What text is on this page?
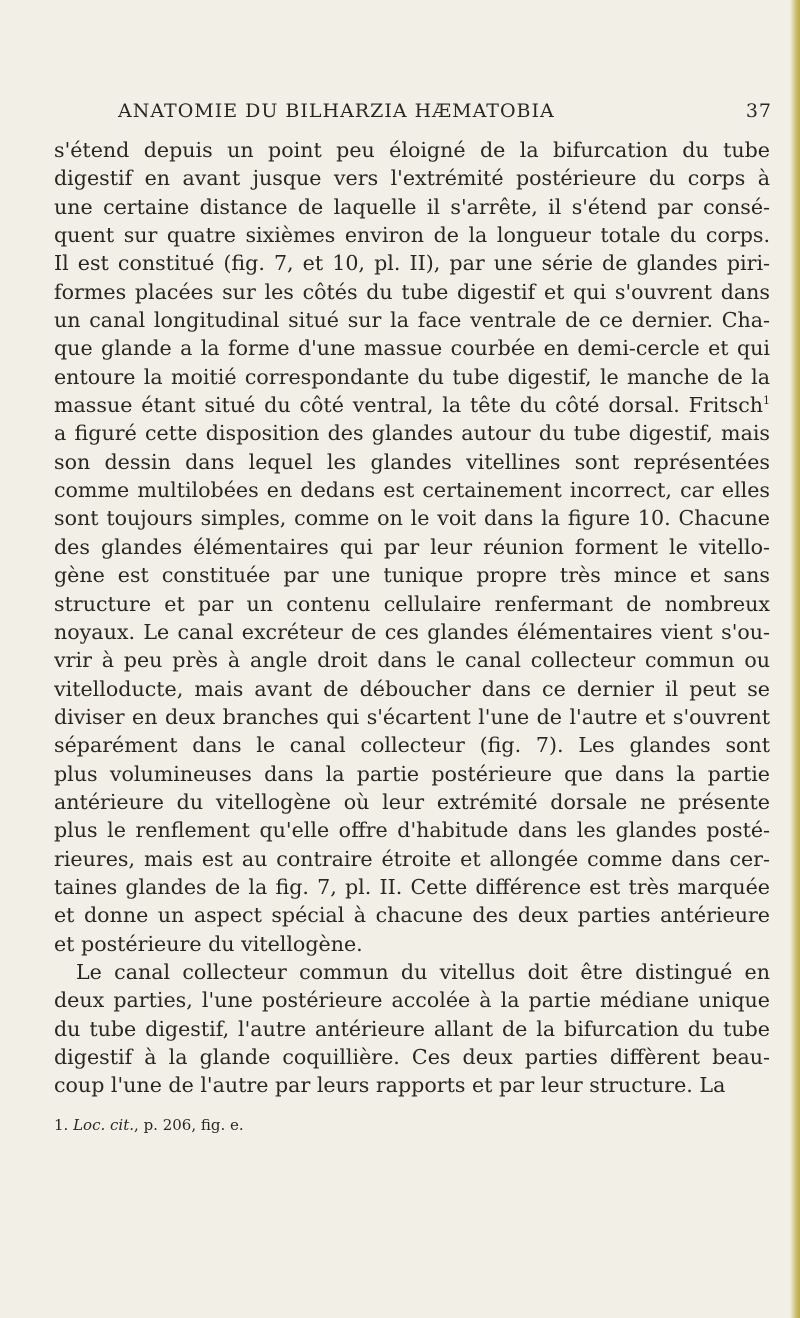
ANATOMIE DU BILHARZIA HÆMATOBIA	37
s'étend depuis un point peu éloigné de la bifurcation du tube
digestif en avant jusque vers l'extrémité postérieure du corps à
une certaine distance de laquelle il s'arrête, il s'étend par consé-
quent sur quatre sixièmes environ de la longueur totale du corps.
Il est constitué (fig. 7, et 10, pl. II), par une série de glandes piri-
formes placées sur les côtés du tube digestif et qui s'ouvrent dans
un canal longitudinal situé sur la face ventrale de ce dernier. Cha-
que glande a la forme d'une massue courbée en demi-cercle et qui
entoure la moitié correspondante du tube digestif, le manche de la
massue étant situé du côté ventral, la tête du côté dorsal. Fritsch$^1$
a figuré cette disposition des glandes autour du tube digestif, mais
son dessin dans lequel les glandes vitellines sont représentées
comme multilobées en dedans est certainement incorrect, car elles
sont toujours simples, comme on le voit dans la figure 10. Chacune
des glandes élémentaires qui par leur réunion forment le vitello-
gène est constituée par une tunique propre très mince et sans
structure et par un contenu cellulaire renfermant de nombreux
noyaux. Le canal excréteur de ces glandes élémentaires vient s'ou-
vrir à peu près à angle droit dans le canal collecteur commun ou
vitelloducte, mais avant de déboucher dans ce dernier il peut se
diviser en deux branches qui s'écartent l'une de l'autre et s'ouvrent
séparément dans le canal collecteur (fig. 7). Les glandes sont
plus volumineuses dans la partie postérieure que dans la partie
antérieure du vitellogène où leur extrémité dorsale ne présente
plus le renflement qu'elle offre d'habitude dans les glandes posté-
rieures, mais est au contraire étroite et allongée comme dans cer-
taines glandes de la fig. 7, pl. II. Cette différence est très marquée
et donne un aspect spécial à chacune des deux parties antérieure
et postérieure du vitellogène.
Le canal collecteur commun du vitellus doit être distingué en
deux parties, l'une postérieure accolée à la partie médiane unique
du tube digestif, l'autre antérieure allant de la bifurcation du tube
digestif à la glande coquillière. Ces deux parties diffèrent beau-
coup l'une de l'autre par leurs rapports et par leur structure. La
1. Loc. cit., p. 206, fig. e.
